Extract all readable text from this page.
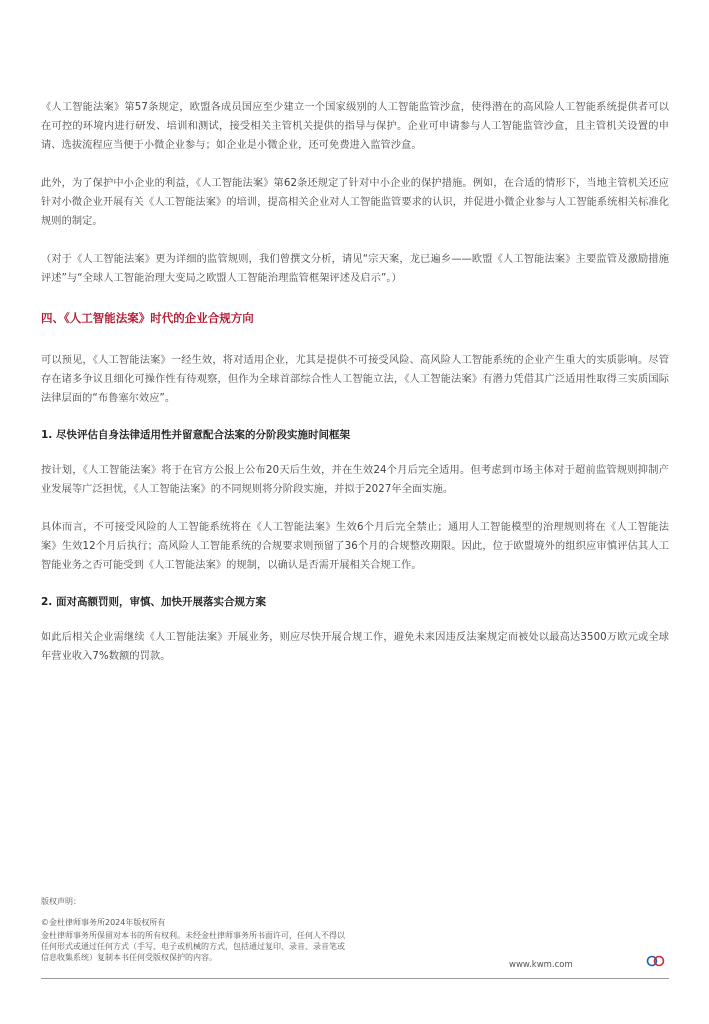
《人工智能法案》第57条规定，欧盟各成员国应至少建立一个国家级别的人工智能监管沙盒，使得潜在的高风险人工智能系统提供者可以在可控的环境内进行研发、培训和测试，接受相关主管机关提供的指导与保护。企业可申请参与人工智能监管沙盒，且主管机关设置的申请、选拔流程应当便于小微企业参与；如企业是小微企业，还可免费进入监管沙盒。

此外，为了保护中小企业的利益，《人工智能法案》第62条还规定了针对中小企业的保护措施。例如，在合适的情形下，当地主管机关还应针对小微企业开展有关《人工智能法案》的培训，提高相关企业对人工智能监管要求的认识，并促进小微企业参与人工智能系统相关标准化规则的制定。

（对于《人工智能法案》更为详细的监管规则，我们曾撰文分析，请见“宗天案，龙已遍乡——欧盟《人工智能法案》主要监管及激励措施评述”与“全球人工智能治理大变局之欧盟人工智能治理监管框架评述及启示”。）

四、《人工智能法案》时代的企业合规方向

可以预见，《人工智能法案》一经生效，将对适用企业，尤其是提供不可接受风险、高风险人工智能系统的企业产生重大的实质影响。尽管存在诸多争议且细化可操作性有待观察，但作为全球首部综合性人工智能立法，《人工智能法案》有潜力凭借其广泛适用性取得三实质国际法律层面的“布鲁塞尔效应”。

1. 尽快评估自身法律适用性并留意配合法案的分阶段实施时间框架

按计划，《人工智能法案》将于在官方公报上公布20天后生效，并在生效24个月后完全适用。但考虑到市场主体对于超前监管规则抑制产业发展等广泛担忧，《人工智能法案》的不同规则将分阶段实施，并拟于2027年全面实施。

具体而言，不可接受风险的人工智能系统将在《人工智能法案》生效6个月后完全禁止；通用人工智能模型的治理规则将在《人工智能法案》生效12个月后执行；高风险人工智能系统的合规要求则预留了36个月的合规整改期限。因此，位于欧盟境外的组织应审慎评估其人工智能业务之否可能受到《人工智能法案》的规制，以确认是否需开展相关合规工作。

2. 面对高额罚则，审慎、加快开展落实合规方案

如此后相关企业需继续《人工智能法案》开展业务，则应尽快开展合规工作，避免未来因违反法案规定而被处以最高达3500万欧元或全球年营业收入7%数额的罚款。

版权声明：
©金杜律师事务所2024年版权所有
金杜律师事务所保留对本书的所有权利。未经金杜律师事务所书面许可，任何人不得以任何形式或通过任何方式（手写、电子或机械的方式，包括通过复印、录音、录音笔或信息收集系统）复制本书任何受版权保护的内容。
www.kwm.com
